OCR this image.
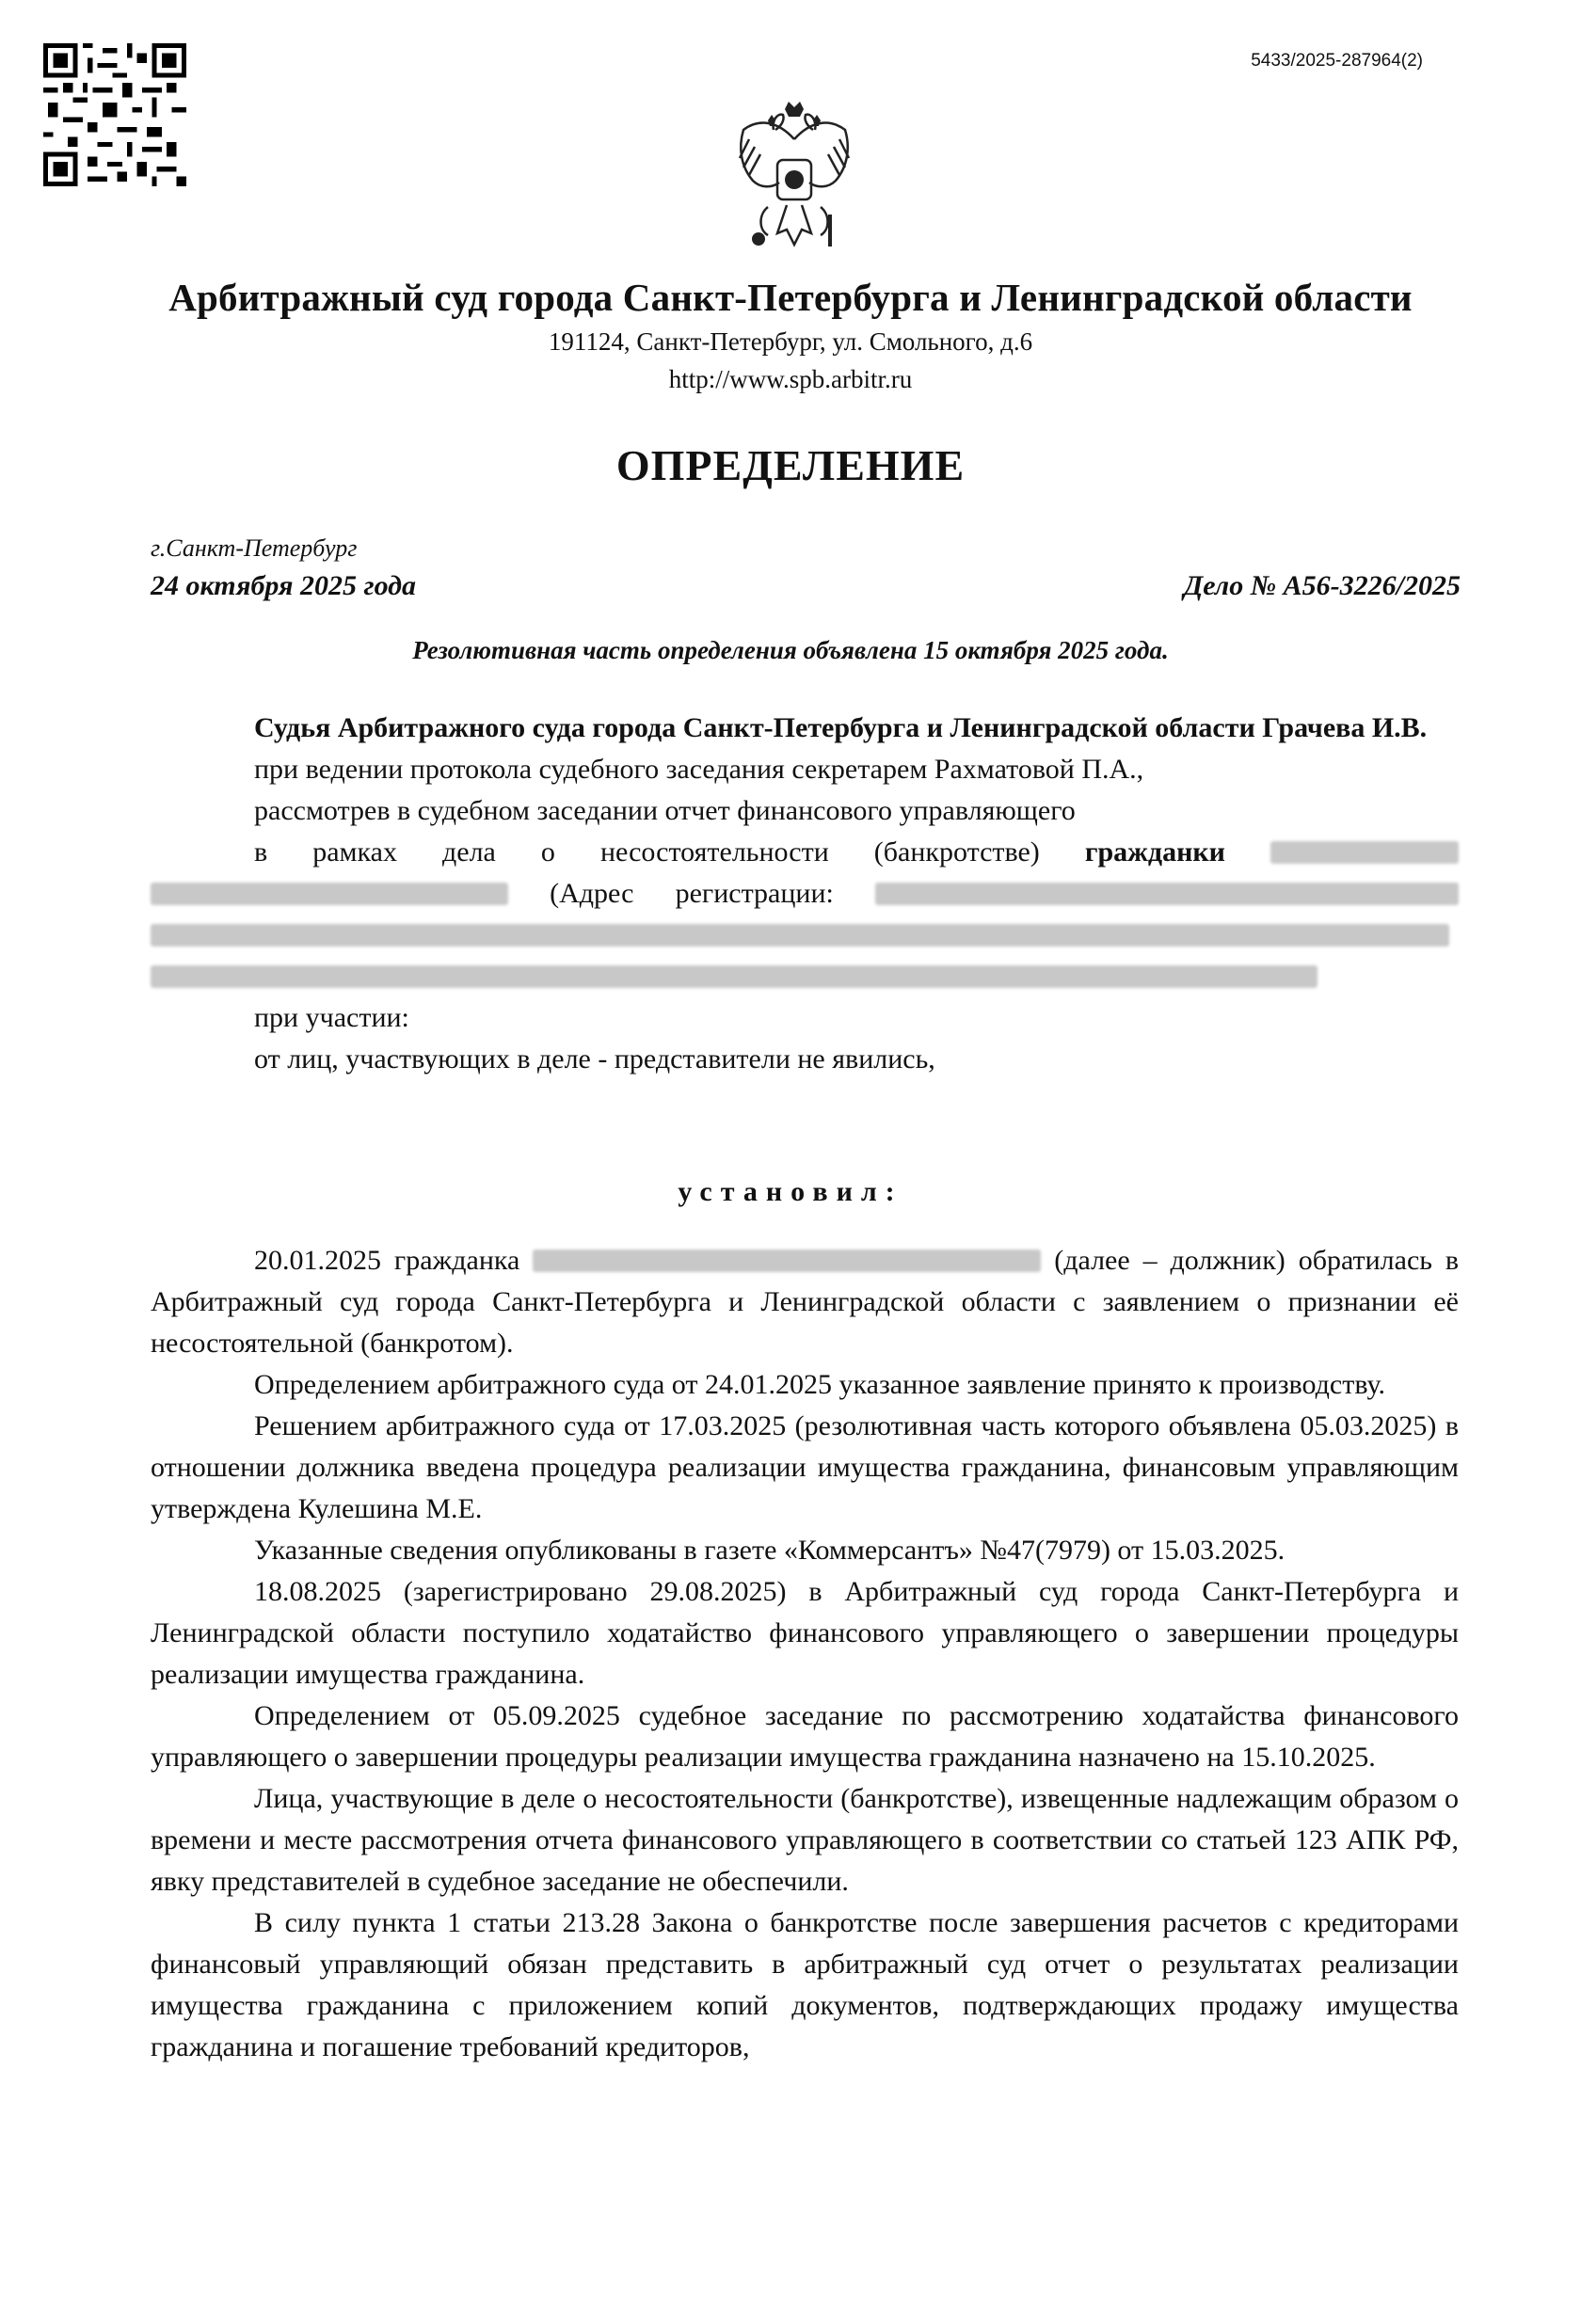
5433/2025-287964(2)
Арбитражный суд города Санкт-Петербурга и Ленинградской области
191124, Санкт-Петербург, ул. Смольного, д.6
http://www.spb.arbitr.ru
ОПРЕДЕЛЕНИЕ
г.Санкт-Петербург
24 октября 2025 года	Дело № А56-3226/2025
Резолютивная часть определения объявлена 15 октября 2025 года.

Судья Арбитражного суда города Санкт-Петербурга и Ленинградской области Грачева И.В.

при ведении протокола судебного заседания секретарем Рахматовой П.А.,

рассмотрев в судебном заседании отчет финансового управляющего

в рамках дела о несостоятельности (банкротстве) гражданки   (Адрес регистрации:

при участии:

от лиц, участвующих в деле - представители не явились,

установил:

20.01.2025 гражданка	(далее – должник) обратилась в Арбитражный суд города Санкт-Петербурга и Ленинградской области с заявлением о признании её несостоятельной (банкротом).

Определением арбитражного суда от 24.01.2025 указанное заявление принято к производству.

Решением арбитражного суда от 17.03.2025 (резолютивная часть которого объявлена 05.03.2025) в отношении должника введена процедура реализации имущества гражданина, финансовым управляющим утверждена Кулешина М.Е.

Указанные сведения опубликованы в газете «Коммерсантъ» №47(7979) от 15.03.2025.

18.08.2025 (зарегистрировано 29.08.2025) в Арбитражный суд города Санкт-Петербурга и Ленинградской области поступило ходатайство финансового управляющего о завершении процедуры реализации имущества гражданина.

Определением от 05.09.2025 судебное заседание по рассмотрению ходатайства финансового управляющего о завершении процедуры реализации имущества гражданина назначено на 15.10.2025.

Лица, участвующие в деле о несостоятельности (банкротстве), извещенные надлежащим образом о времени и месте рассмотрения отчета финансового управляющего в соответствии со статьей 123 АПК РФ, явку представителей в судебное заседание не обеспечили.

В силу пункта 1 статьи 213.28 Закона о банкротстве после завершения расчетов с кредиторами финансовый управляющий обязан представить в арбитражный суд отчет о результатах реализации имущества гражданина с приложением копий документов, подтверждающих продажу имущества гражданина и погашение требований кредиторов,
